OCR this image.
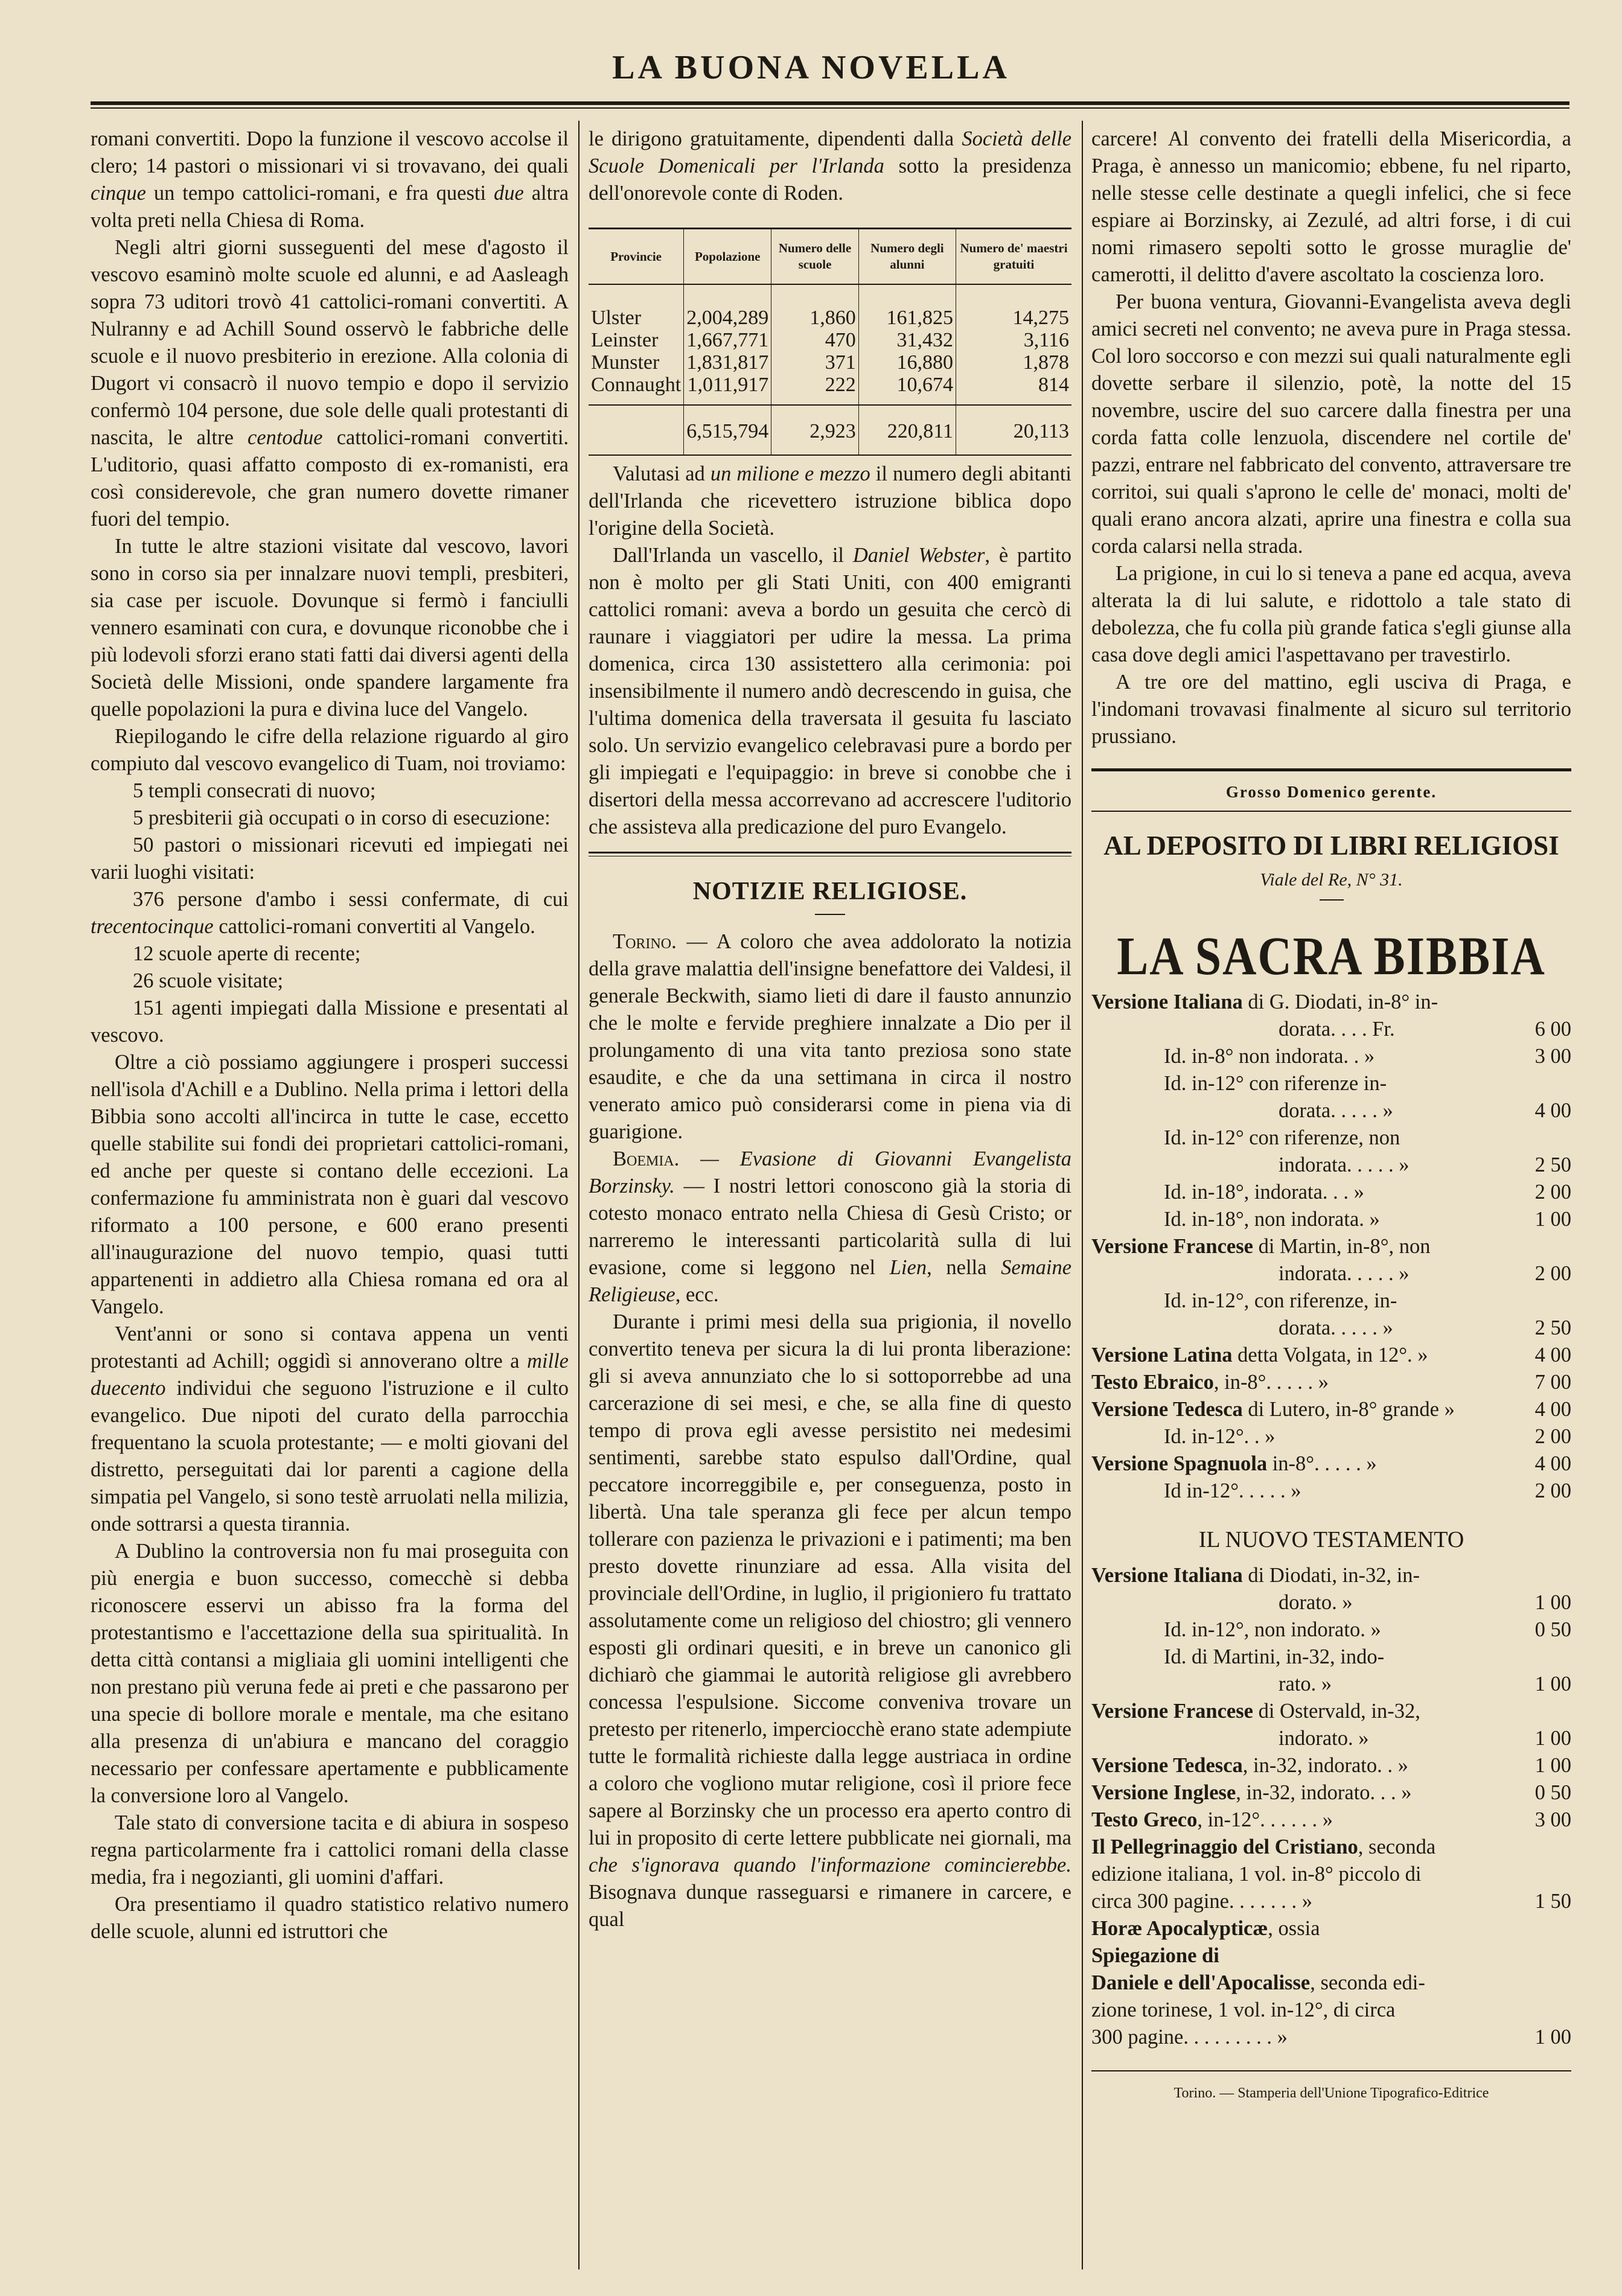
LA BUONA NOVELLA

romani convertiti. Dopo la funzione il vescovo accolse il clero; 14 pastori o missionari vi si trovavano, dei quali cinque un tempo cattolici-romani, e fra questi due altra volta preti nella Chiesa di Roma.

Negli altri giorni susseguenti del mese d'agosto il vescovo esaminò molte scuole ed alunni, e ad Aasleagh sopra 73 uditori trovò 41 cattolici-romani convertiti. A Nulranny e ad Achill Sound osservò le fabbriche delle scuole e il nuovo presbiterio in erezione. Alla colonia di Dugort vi consacrò il nuovo tempio e dopo il servizio confermò 104 persone, due sole delle quali protestanti di nascita, le altre centodue cattolici-romani convertiti. L'uditorio, quasi affatto composto di ex-romanisti, era così considerevole, che gran numero dovette rimaner fuori del tempio.

In tutte le altre stazioni visitate dal vescovo, lavori sono in corso sia per innalzare nuovi templi, presbiteri, sia case per iscuole. Dovunque si fermò i fanciulli vennero esaminati con cura, e dovunque riconobbe che i più lodevoli sforzi erano stati fatti dai diversi agenti della Società delle Missioni, onde spandere largamente fra quelle popolazioni la pura e divina luce del Vangelo.

Riepilogando le cifre della relazione riguardo al giro compiuto dal vescovo evangelico di Tuam, noi troviamo:

5 templi consecrati di nuovo;

5 presbiterii già occupati o in corso di esecuzione:

50 pastori o missionari ricevuti ed impiegati nei varii luoghi visitati:

376 persone d'ambo i sessi confermate, di cui trecentocinque cattolici-romani convertiti al Vangelo.

12 scuole aperte di recente;

26 scuole visitate;

151 agenti impiegati dalla Missione e presentati al vescovo.

Oltre a ciò possiamo aggiungere i prosperi successi nell'isola d'Achill e a Dublino. Nella prima i lettori della Bibbia sono accolti all'incirca in tutte le case, eccetto quelle stabilite sui fondi dei proprietari cattolici-romani, ed anche per queste si contano delle eccezioni. La confermazione fu amministrata non è guari dal vescovo riformato a 100 persone, e 600 erano presenti all'inaugurazione del nuovo tempio, quasi tutti appartenenti in addietro alla Chiesa romana ed ora al Vangelo.

Vent'anni or sono si contava appena un venti protestanti ad Achill; oggidì si annoverano oltre a mille duecento individui che seguono l'istruzione e il culto evangelico. Due nipoti del curato della parrocchia frequentano la scuola protestante; — e molti giovani del distretto, perseguitati dai lor parenti a cagione della simpatia pel Vangelo, si sono testè arruolati nella milizia, onde sottrarsi a questa tirannia.

A Dublino la controversia non fu mai proseguita con più energia e buon successo, comecchè si debba riconoscere esservi un abisso fra la forma del protestantismo e l'accettazione della sua spiritualità. In detta città contansi a migliaia gli uomini intelligenti che non prestano più veruna fede ai preti e che passarono per una specie di bollore morale e mentale, ma che esitano alla presenza di un'abiura e mancano del coraggio necessario per confessare apertamente e pubblicamente la conversione loro al Vangelo.

Tale stato di conversione tacita e di abiura in sospeso regna particolarmente fra i cattolici romani della classe media, fra i negozianti, gli uomini d'affari.

Ora presentiamo il quadro statistico relativo numero delle scuole, alunni ed istruttori che

le dirigono gratuitamente, dipendenti dalla Società delle Scuole Domenicali per l'Irlanda sotto la presidenza dell'onorevole conte di Roden.

Provincie	Popolazione	Numero delle scuole	Numero degli alunni	Numero de' maestri gratuiti
Ulster	2,004,289	1,860	161,825	14,275
Leinster	1,667,771	470	31,432	3,116
Munster	1,831,817	371	16,880	1,878
Connaught	1,011,917	222	10,674	814
	6,515,794	2,923	220,811	20,113

Valutasi ad un milione e mezzo il numero degli abitanti dell'Irlanda che ricevettero istruzione biblica dopo l'origine della Società.

Dall'Irlanda un vascello, il Daniel Webster, è partito non è molto per gli Stati Uniti, con 400 emigranti cattolici romani: aveva a bordo un gesuita che cercò di raunare i viaggiatori per udire la messa. La prima domenica, circa 130 assistettero alla cerimonia: poi insensibilmente il numero andò decrescendo in guisa, che l'ultima domenica della traversata il gesuita fu lasciato solo. Un servizio evangelico celebravasi pure a bordo per gli impiegati e l'equipaggio: in breve si conobbe che i disertori della messa accorrevano ad accrescere l'uditorio che assisteva alla predicazione del puro Evangelo.

NOTIZIE RELIGIOSE.

Torino. — A coloro che avea addolorato la notizia della grave malattia dell'insigne benefattore dei Valdesi, il generale Beckwith, siamo lieti di dare il fausto annunzio che le molte e fervide preghiere innalzate a Dio per il prolungamento di una vita tanto preziosa sono state esaudite, e che da una settimana in circa il nostro venerato amico può considerarsi come in piena via di guarigione.

Boemia. — Evasione di Giovanni Evangelista Borzinsky. — I nostri lettori conoscono già la storia di cotesto monaco entrato nella Chiesa di Gesù Cristo; or narreremo le interessanti particolarità sulla di lui evasione, come si leggono nel Lien, nella Semaine Religieuse, ecc.

Durante i primi mesi della sua prigionia, il novello convertito teneva per sicura la di lui pronta liberazione: gli si aveva annunziato che lo si sottoporrebbe ad una carcerazione di sei mesi, e che, se alla fine di questo tempo di prova egli avesse persistito nei medesimi sentimenti, sarebbe stato espulso dall'Ordine, qual peccatore incorreggibile e, per conseguenza, posto in libertà. Una tale speranza gli fece per alcun tempo tollerare con pazienza le privazioni e i patimenti; ma ben presto dovette rinunziare ad essa. Alla visita del provinciale dell'Ordine, in luglio, il prigioniero fu trattato assolutamente come un religioso del chiostro; gli vennero esposti gli ordinari quesiti, e in breve un canonico gli dichiarò che giammai le autorità religiose gli avrebbero concessa l'espulsione. Siccome conveniva trovare un pretesto per ritenerlo, imperciocchè erano state adempiute tutte le formalità richieste dalla legge austriaca in ordine a coloro che vogliono mutar religione, così il priore fece sapere al Borzinsky che un processo era aperto contro di lui in proposito di certe lettere pubblicate nei giornali, ma che s'ignorava quando l'informazione comincierebbe. Bisognava dunque rasseguarsi e rimanere in carcere, e qual

carcere! Al convento dei fratelli della Misericordia, a Praga, è annesso un manicomio; ebbene, fu nel riparto, nelle stesse celle destinate a quegli infelici, che si fece espiare ai Borzinsky, ai Zezulé, ad altri forse, i di cui nomi rimasero sepolti sotto le grosse muraglie de' camerotti, il delitto d'avere ascoltato la coscienza loro.

Per buona ventura, Giovanni-Evangelista aveva degli amici secreti nel convento; ne aveva pure in Praga stessa. Col loro soccorso e con mezzi sui quali naturalmente egli dovette serbare il silenzio, potè, la notte del 15 novembre, uscire del suo carcere dalla finestra per una corda fatta colle lenzuola, discendere nel cortile de' pazzi, entrare nel fabbricato del convento, attraversare tre corritoi, sui quali s'aprono le celle de' monaci, molti de' quali erano ancora alzati, aprire una finestra e colla sua corda calarsi nella strada.

La prigione, in cui lo si teneva a pane ed acqua, aveva alterata la di lui salute, e ridottolo a tale stato di debolezza, che fu colla più grande fatica s'egli giunse alla casa dove degli amici l'aspettavano per travestirlo.

A tre ore del mattino, egli usciva di Praga, e l'indomani trovavasi finalmente al sicuro sul territorio prussiano.

Grosso Domenico gerente.
AL DEPOSITO DI LIBRI RELIGIOSI
Viale del Re, N° 31.
LA SACRA BIBBIA
Versione Italiana di G. Diodati, in-8° in-
dorata. . . . Fr.	6 00
Id. in-8° non indorata. . »	3 00
Id. in-12° con riferenze in-
dorata. . . . . »	4 00
Id. in-12° con riferenze, non
indorata. . . . . »	2 50
Id. in-18°, indorata. . . »	2 00
Id. in-18°, non indorata. »	1 00
Versione Francese di Martin, in-8°, non
indorata. . . . . »	2 00
Id. in-12°, con riferenze, in-
dorata. . . . . »	2 50
Versione Latina detta Volgata, in 12°. »	4 00
Testo Ebraico, in-8°. . . . . »	7 00
Versione Tedesca di Lutero, in-8° grande »	4 00
Id. in-12°. . »	2 00
Versione Spagnuola in-8°. . . . . »	4 00
Id in-12°. . . . . »	2 00
IL NUOVO TESTAMENTO
Versione Italiana di Diodati, in-32, in-
dorato. »	1 00
Id. in-12°, non indorato. »	0 50
Id. di Martini, in-32, indo-
rato. »	1 00
Versione Francese di Ostervald, in-32,
indorato. »	1 00
Versione Tedesca, in-32, indorato. . »	1 00
Versione Inglese, in-32, indorato. . . »	0 50
Testo Greco, in-12°. . . . . . »	3 00
Il Pellegrinaggio del Cristiano, seconda
edizione italiana, 1 vol. in-8° piccolo di
circa 300 pagine. . . . . . . »	1 50
Horæ Apocalypticæ, ossia
Spiegazione di
Daniele e dell'Apocalisse, seconda edi-
zione torinese, 1 vol. in-12°, di circa
300 pagine. . . . . . . . . »	1 00
Torino. — Stamperia dell'Unione Tipografico-Editrice
